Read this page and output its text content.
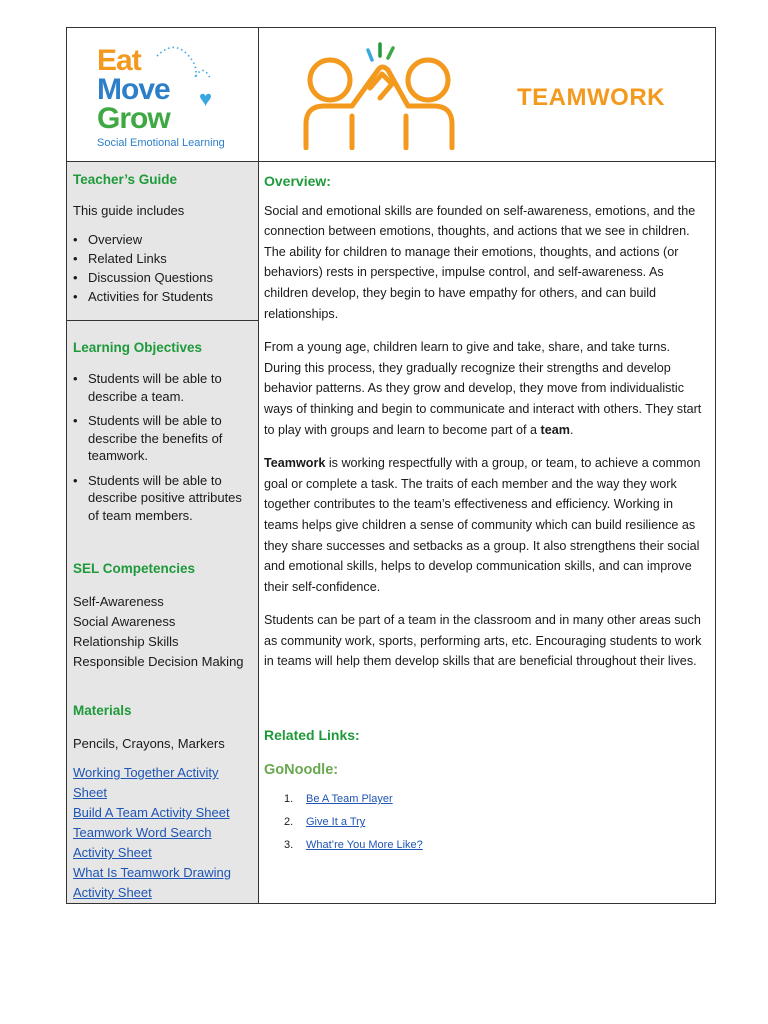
Eat
Move
Grow
♥
Social Emotional Learning
TEAMWORK
Teacher’s Guide
This guide includes
• Overview
• Related Links
• Discussion Questions
• Activities for Students
Learning Objectives
• Students will be able to describe a team.
• Students will be able to describe the benefits of teamwork.
• Students will be able to describe positive attributes of team members.
SEL Competencies
Self-Awareness
Social Awareness
Relationship Skills
Responsible Decision Making
Materials
Pencils, Crayons, Markers
Working Together Activity Sheet
Build A Team Activity Sheet
Teamwork Word Search Activity Sheet
What Is Teamwork Drawing Activity Sheet
Overview:

Social and emotional skills are founded on self-awareness, emotions, and the connection between emotions, thoughts, and actions that we see in children. The ability for children to manage their emotions, thoughts, and actions (or behaviors) rests in perspective, impulse control, and self-awareness. As children develop, they begin to have empathy for others, and can build relationships.

From a young age, children learn to give and take, share, and take turns. During this process, they gradually recognize their strengths and develop behavior patterns. As they grow and develop, they move from individualistic ways of thinking and begin to communicate and interact with others. They start to play with groups and learn to become part of a team.

Teamwork is working respectfully with a group, or team, to achieve a common goal or complete a task. The traits of each member and the way they work together contributes to the team’s effectiveness and efficiency. Working in teams helps give children a sense of community which can build resilience as they share successes and setbacks as a group. It also strengthens their social and emotional skills, helps to develop communication skills, and can improve their self-confidence.

Students can be part of a team in the classroom and in many other areas such as community work, sports, performing arts, etc. Encouraging students to work in teams will help them develop skills that are beneficial throughout their lives.

Related Links:
GoNoodle:
1. Be A Team Player
2. Give It a Try
3. What’re You More Like?
